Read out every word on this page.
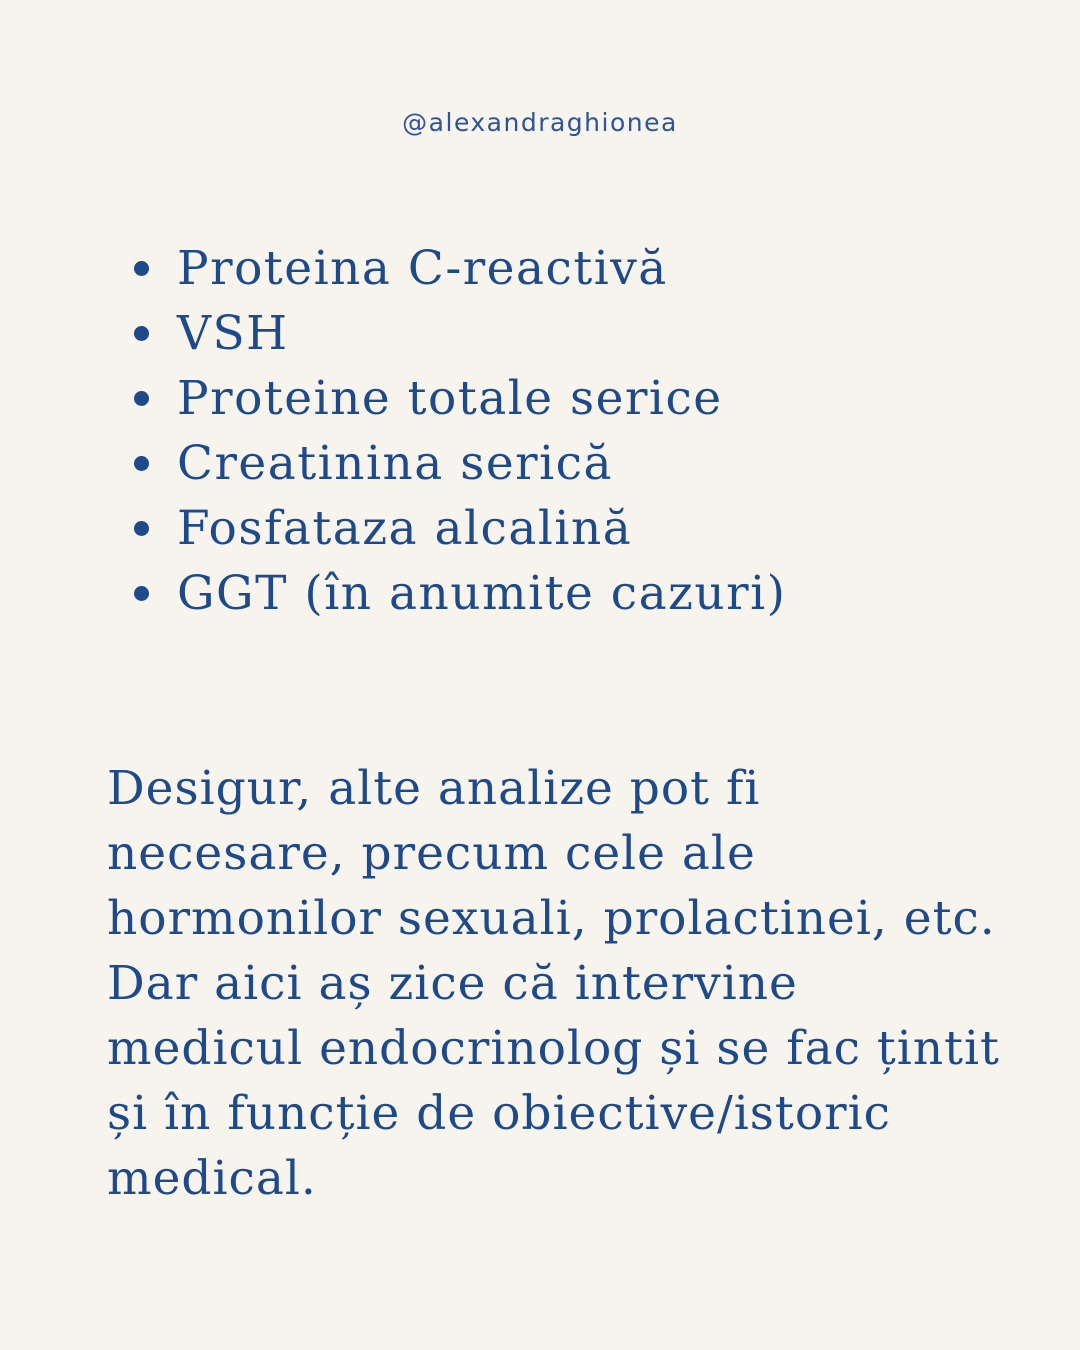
@alexandraghionea
Proteina C-reactivă
VSH
Proteine totale serice
Creatinina serică
Fosfataza alcalină
GGT (în anumite cazuri)

Desigur, alte analize pot fi necesare, precum cele ale hormonilor sexuali, prolactinei, etc. Dar aici aș zice că intervine medicul endocrinolog și se fac țintit și în funcție de obiective/istoric medical.
